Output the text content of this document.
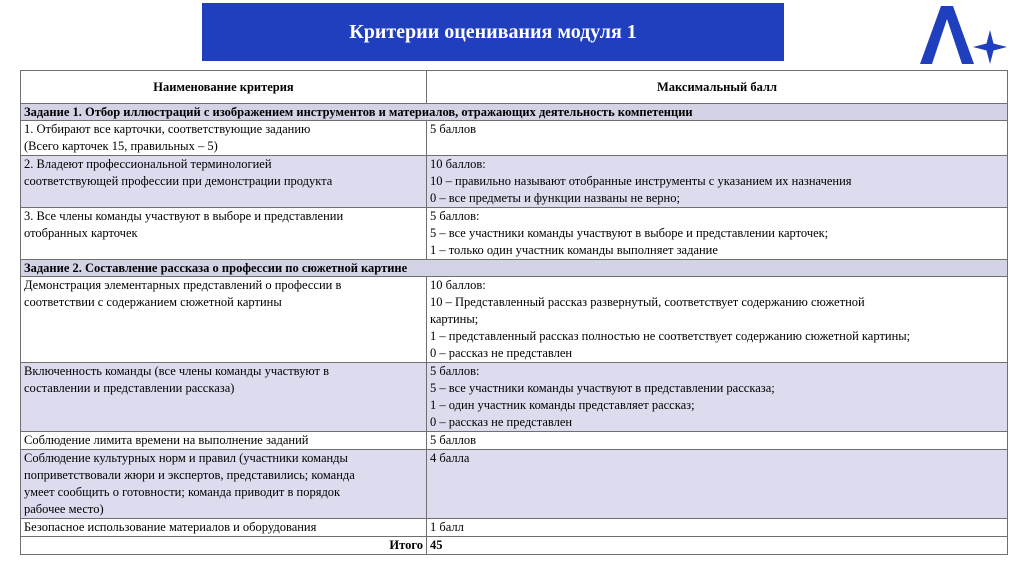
Критерии оценивания модуля 1
Наименование критерия	Максимальный балл
Задание 1. Отбор иллюстраций с изображением инструментов и материалов, отражающих деятельность компетенции	

1. Отбирают все карточки, соответствующие заданию
(Всего карточек 15, правильных – 5)	5 баллов

2. Владеют профессиональной терминологией
соответствующей профессии при демонстрации продукта	10 баллов:
10 – правильно называют отобранные инструменты с указанием их назначения
0 – все предметы и функции названы не верно;

3. Все члены команды участвуют в выборе и представлении
отобранных карточек	5 баллов:
5 – все участники команды участвуют в выборе и представлении карточек;
1 – только один участник команды выполняет задание

Задание 2. Составление рассказа о профессии по сюжетной картине	

Демонстрация элементарных представлений о профессии в
соответствии с содержанием сюжетной картины	10 баллов:
10 – Представленный рассказ развернутый, соответствует содержанию сюжетной
картины;
1 – представленный рассказ полностью не соответствует содержанию сюжетной картины;
0 – рассказ не представлен

Включенность команды (все члены команды участвуют в
составлении и представлении рассказа)	5 баллов:
5 – все участники команды участвуют в представлении рассказа;
1 – один участник команды представляет рассказ;
0 – рассказ не представлен

Соблюдение лимита времени на выполнение заданий	5 баллов

Соблюдение культурных норм и правил (участники команды
поприветствовали жюри и экспертов, представились; команда
умеет сообщить о готовности; команда приводит в порядок
рабочее место)	4 балла

Безопасное использование материалов и оборудования	1 балл

Итого	45
